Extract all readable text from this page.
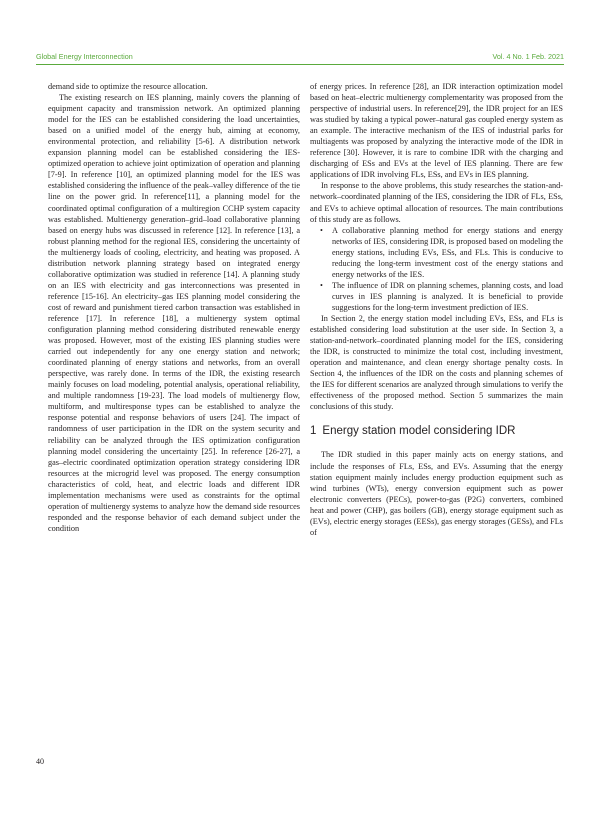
Global Energy Interconnection	Vol. 4 No. 1 Feb. 2021

demand side to optimize the resource allocation.

The existing research on IES planning, mainly covers the planning of equipment capacity and transmission network. An optimized planning model for the IES can be established considering the load uncertainties, based on a unified model of the energy hub, aiming at economy, environmental protection, and reliability [5-6]. A distribution network expansion planning model can be established considering the IES-optimized operation to achieve joint optimization of operation and planning [7-9]. In reference [10], an optimized planning model for the IES was established considering the influence of the peak–valley difference of the tie line on the power grid. In reference[11], a planning model for the coordinated optimal configuration of a multiregion CCHP system capacity was established. Multienergy generation–grid–load collaborative planning based on energy hubs was discussed in reference [12]. In reference [13], a robust planning method for the regional IES, considering the uncertainty of the multienergy loads of cooling, electricity, and heating was proposed. A distribution network planning strategy based on integrated energy collaborative optimization was studied in reference [14]. A planning study on an IES with electricity and gas interconnections was presented in reference [15-16]. An electricity–gas IES planning model considering the cost of reward and punishment tiered carbon transaction was established in reference [17]. In reference [18], a multienergy system optimal configuration planning method considering distributed renewable energy was proposed. However, most of the existing IES planning studies were carried out independently for any one energy station and network; coordinated planning of energy stations and networks, from an overall perspective, was rarely done. In terms of the IDR, the existing research mainly focuses on load modeling, potential analysis, operational reliability, and multiple randomness [19-23]. The load models of multienergy flow, multiform, and multiresponse types can be established to analyze the response potential and response behaviors of users [24]. The impact of randomness of user participation in the IDR on the system security and reliability can be analyzed through the IES optimization configuration planning model considering the uncertainty [25]. In reference [26-27], a gas–electric coordinated optimization operation strategy considering IDR resources at the microgrid level was proposed. The energy consumption characteristics of cold, heat, and electric loads and different IDR implementation mechanisms were used as constraints for the optimal operation of multienergy systems to analyze how the demand side resources responded and the response behavior of each demand subject under the condition

of energy prices. In reference [28], an IDR interaction optimization model based on heat–electric multienergy complementarity was proposed from the perspective of industrial users. In reference[29], the IDR project for an IES was studied by taking a typical power–natural gas coupled energy system as an example. The interactive mechanism of the IES of industrial parks for multiagents was proposed by analyzing the interactive mode of the IDR in reference [30]. However, it is rare to combine IDR with the charging and discharging of ESs and EVs at the level of IES planning. There are few applications of IDR involving FLs, ESs, and EVs in IES planning.

In response to the above problems, this study researches the station-and-network–coordinated planning of the IES, considering the IDR of FLs, ESs, and EVs to achieve optimal allocation of resources. The main contributions of this study are as follows.

• A collaborative planning method for energy stations and energy networks of IES, considering IDR, is proposed based on modeling the energy stations, including EVs, ESs, and FLs. This is conducive to reducing the long-term investment cost of the energy stations and energy networks of the IES.
• The influence of IDR on planning schemes, planning costs, and load curves in IES planning is analyzed. It is beneficial to provide suggestions for the long-term investment prediction of IES.

In Section 2, the energy station model including EVs, ESs, and FLs is established considering load substitution at the user side. In Section 3, a station-and-network–coordinated planning model for the IES, considering the IDR, is constructed to minimize the total cost, including investment, operation and maintenance, and clean energy shortage penalty costs. In Section 4, the influences of the IDR on the costs and planning schemes of the IES for different scenarios are analyzed through simulations to verify the effectiveness of the proposed method. Section 5 summarizes the main conclusions of this study.

1 Energy station model considering IDR

The IDR studied in this paper mainly acts on energy stations, and include the responses of FLs, ESs, and EVs. Assuming that the energy station equipment mainly includes energy production equipment such as wind turbines (WTs), energy conversion equipment such as power electronic converters (PECs), power-to-gas (P2G) converters, combined heat and power (CHP), gas boilers (GB), energy storage equipment such as (EVs), electric energy storages (EESs), gas energy storages (GESs), and FLs of

40
